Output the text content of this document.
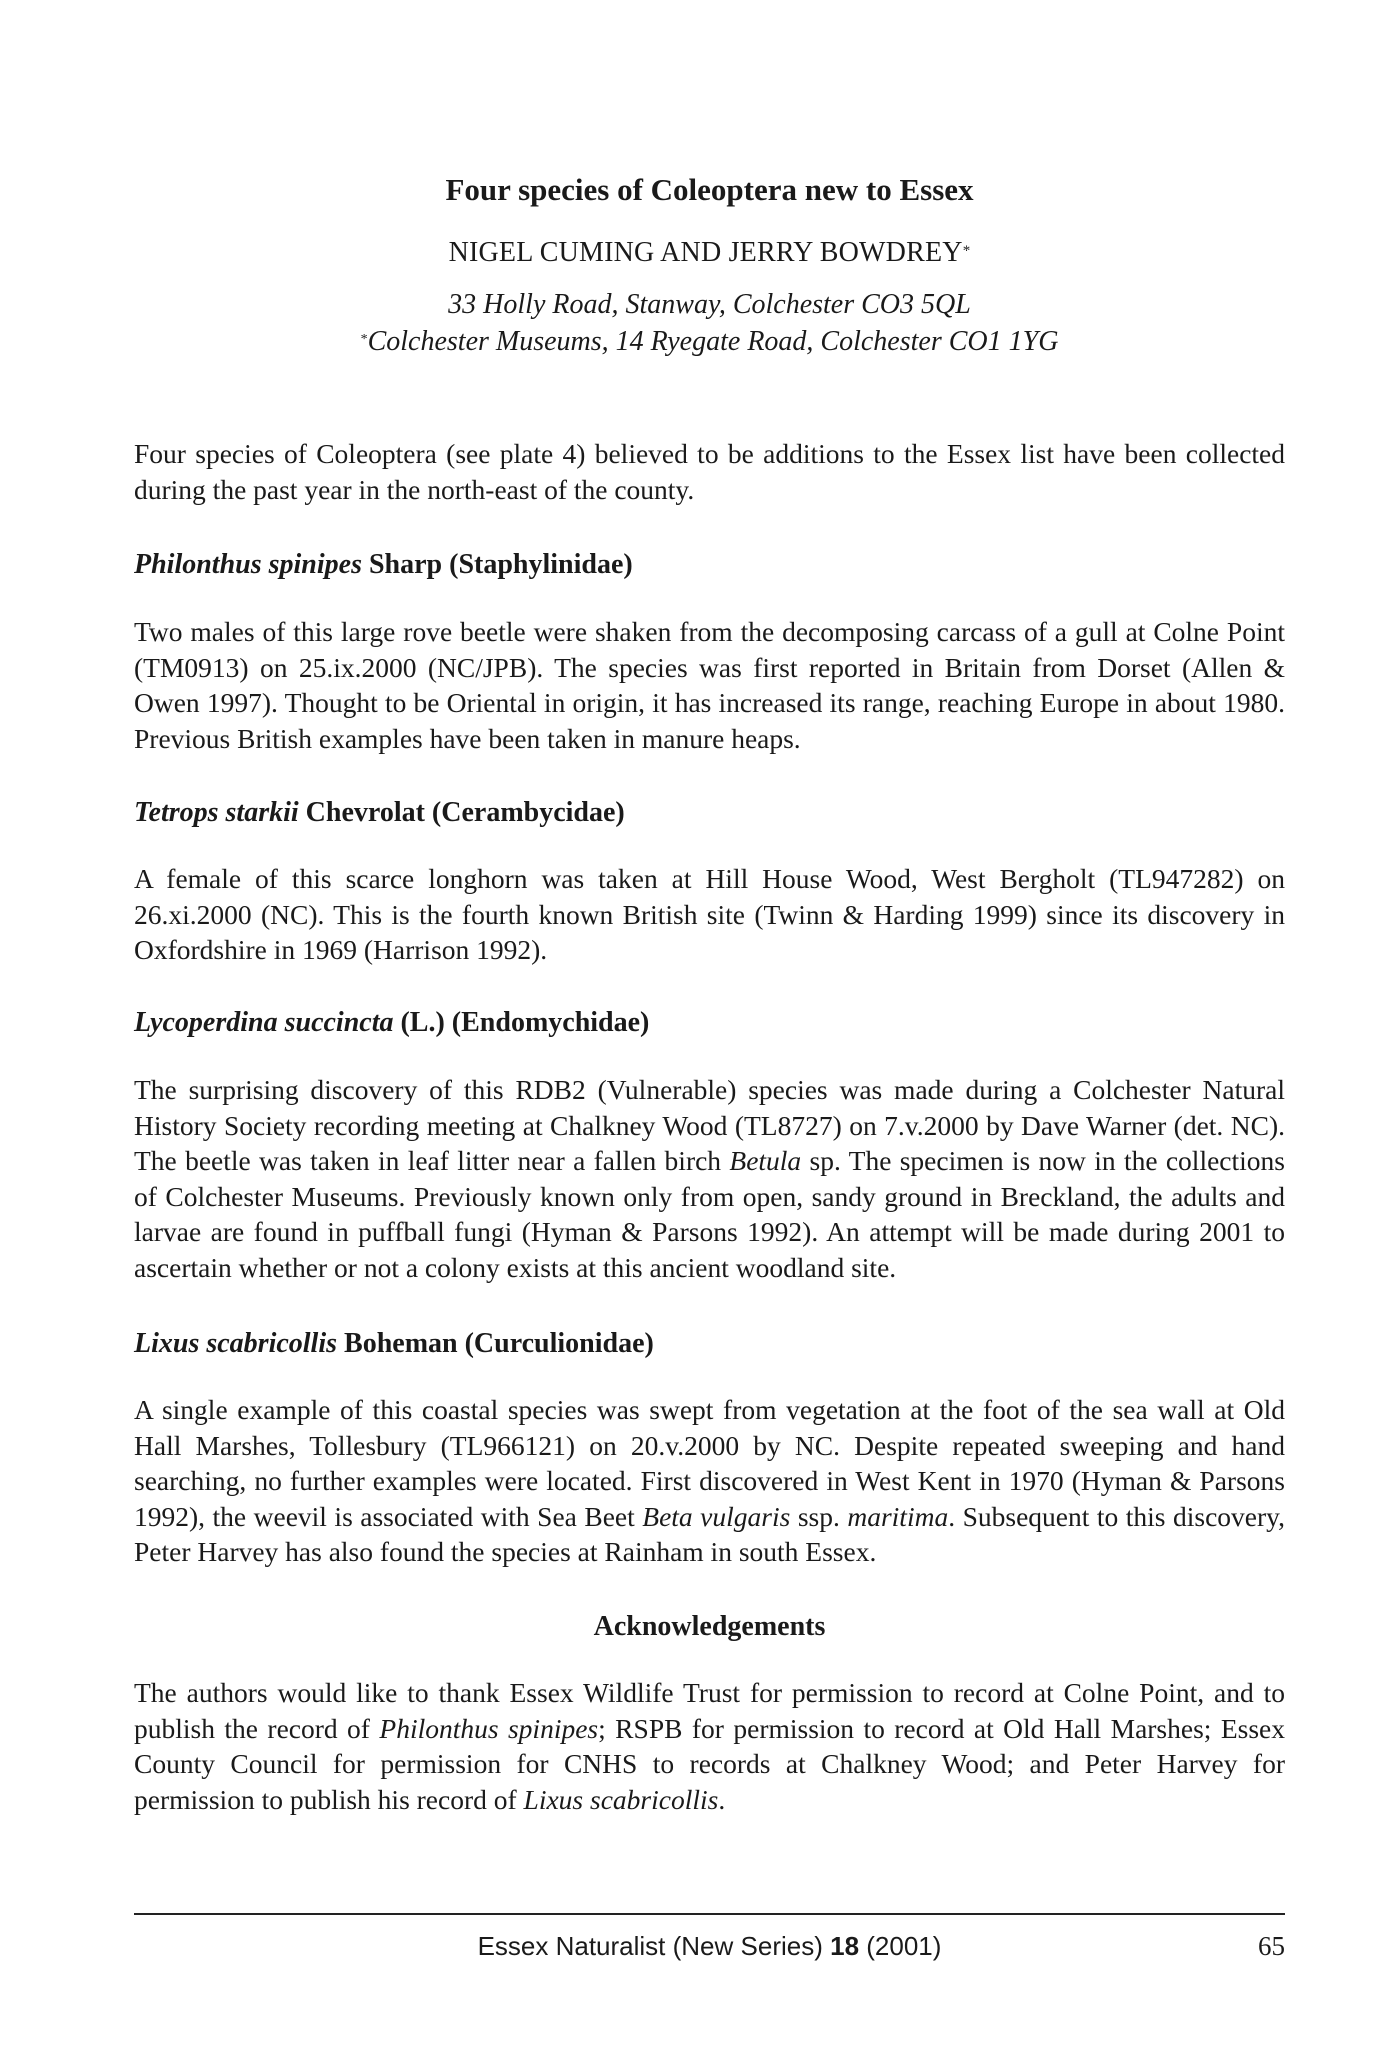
Four species of Coleoptera new to Essex
NIGEL CUMING AND JERRY BOWDREY*
33 Holly Road, Stanway, Colchester CO3 5QL
*Colchester Museums, 14 Ryegate Road, Colchester CO1 1YG

Four species of Coleoptera (see plate 4) believed to be additions to the Essex list have been collected during the past year in the north-east of the county.

Philonthus spinipes Sharp (Staphylinidae)

Two males of this large rove beetle were shaken from the decomposing carcass of a gull at Colne Point (TM0913) on 25.ix.2000 (NC/JPB). The species was first reported in Britain from Dorset (Allen & Owen 1997). Thought to be Oriental in origin, it has increased its range, reaching Europe in about 1980. Previous British examples have been taken in manure heaps.

Tetrops starkii Chevrolat (Cerambycidae)

A female of this scarce longhorn was taken at Hill House Wood, West Bergholt (TL947282) on 26.xi.2000 (NC). This is the fourth known British site (Twinn & Harding 1999) since its discovery in Oxfordshire in 1969 (Harrison 1992).

Lycoperdina succincta (L.) (Endomychidae)

The surprising discovery of this RDB2 (Vulnerable) species was made during a Colchester Natural History Society recording meeting at Chalkney Wood (TL8727) on 7.v.2000 by Dave Warner (det. NC). The beetle was taken in leaf litter near a fallen birch Betula sp. The specimen is now in the collections of Colchester Museums. Previously known only from open, sandy ground in Breckland, the adults and larvae are found in puffball fungi (Hyman & Parsons 1992). An attempt will be made during 2001 to ascertain whether or not a colony exists at this ancient woodland site.

Lixus scabricollis Boheman (Curculionidae)

A single example of this coastal species was swept from vegetation at the foot of the sea wall at Old Hall Marshes, Tollesbury (TL966121) on 20.v.2000 by NC. Despite repeated sweeping and hand searching, no further examples were located. First discovered in West Kent in 1970 (Hyman & Parsons 1992), the weevil is associated with Sea Beet Beta vulgaris ssp. maritima. Subsequent to this discovery, Peter Harvey has also found the species at Rainham in south Essex.

Acknowledgements

The authors would like to thank Essex Wildlife Trust for permission to record at Colne Point, and to publish the record of Philonthus spinipes; RSPB for permission to record at Old Hall Marshes; Essex County Council for permission for CNHS to records at Chalkney Wood; and Peter Harvey for permission to publish his record of Lixus scabricollis.

Essex Naturalist (New Series) 18 (2001)	65
